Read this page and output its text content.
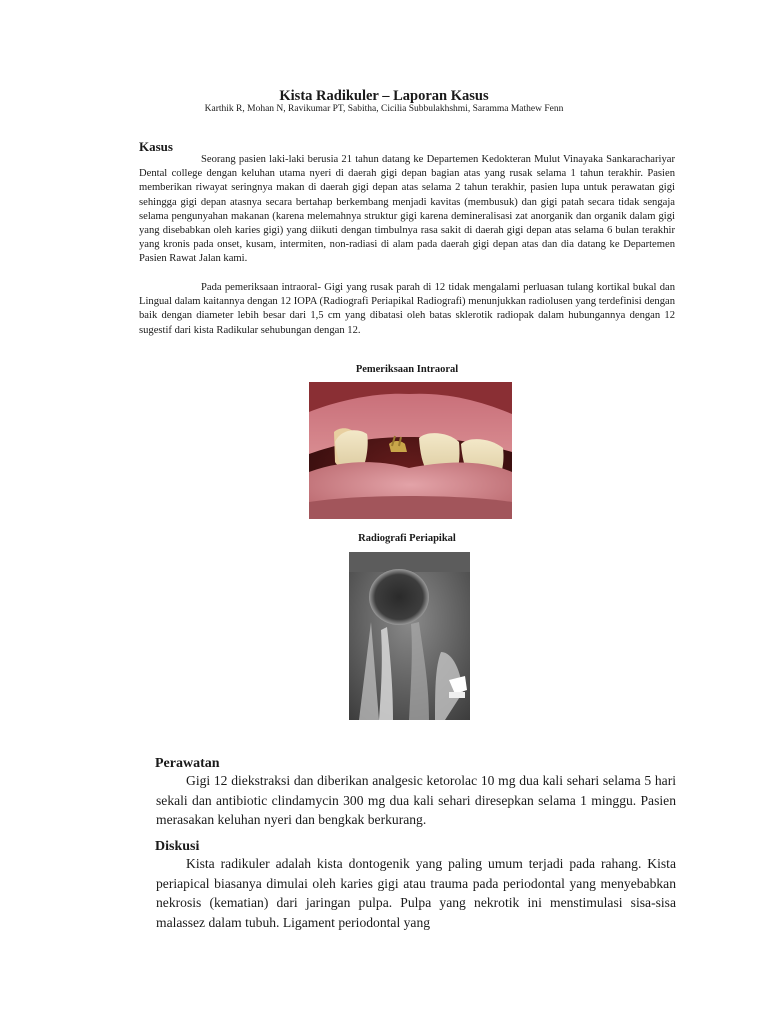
Kista Radikuler – Laporan Kasus
Karthik R, Mohan N, Ravikumar PT, Sabitha, Cicilia Subbulakhshmi, Saramma Mathew Fenn
Kasus

Seorang pasien laki-laki berusia 21 tahun datang ke Departemen Kedokteran Mulut Vinayaka Sankarachariyar Dental college dengan keluhan utama nyeri di daerah gigi depan bagian atas yang rusak selama 1 tahun terakhir. Pasien memberikan riwayat seringnya makan di daerah gigi depan atas selama 2 tahun terakhir, pasien lupa untuk perawatan gigi sehingga gigi depan atasnya secara bertahap berkembang menjadi kavitas (membusuk) dan gigi patah secara tidak sengaja selama pengunyahan makanan (karena melemahnya struktur gigi karena demineralisasi zat anorganik dan organik dalam gigi yang disebabkan oleh karies gigi) yang diikuti dengan timbulnya rasa sakit di daerah gigi depan atas selama 6 bulan terakhir yang kronis pada onset, kusam, intermiten, non-radiasi di alam pada daerah gigi depan atas dan dia datang ke Departemen Pasien Rawat Jalan kami.

Pada pemeriksaan intraoral- Gigi yang rusak parah di 12 tidak mengalami perluasan tulang kortikal bukal dan Lingual dalam kaitannya dengan 12 IOPA (Radiografi Periapikal Radiografi) menunjukkan radiolusen yang terdefinisi dengan baik dengan diameter lebih besar dari 1,5 cm yang dibatasi oleh batas sklerotik radiopak dalam hubungannya dengan 12 sugestif dari kista Radikular sehubungan dengan 12.

Pemeriksaan Intraoral
Radiografi Periapikal
Perawatan

Gigi 12 diekstraksi dan diberikan analgesic ketorolac 10 mg dua kali sehari selama 5 hari sekali dan antibiotic clindamycin 300 mg dua kali sehari diresepkan selama 1 minggu. Pasien merasakan keluhan nyeri dan bengkak berkurang.

Diskusi

Kista radikuler adalah kista dontogenik yang paling umum terjadi pada rahang. Kista periapical biasanya dimulai oleh karies gigi atau trauma pada periodontal yang menyebabkan nekrosis (kematian) dari jaringan pulpa. Pulpa yang nekrotik ini menstimulasi sisa-sisa malassez dalam tubuh. Ligament periodontal yang
